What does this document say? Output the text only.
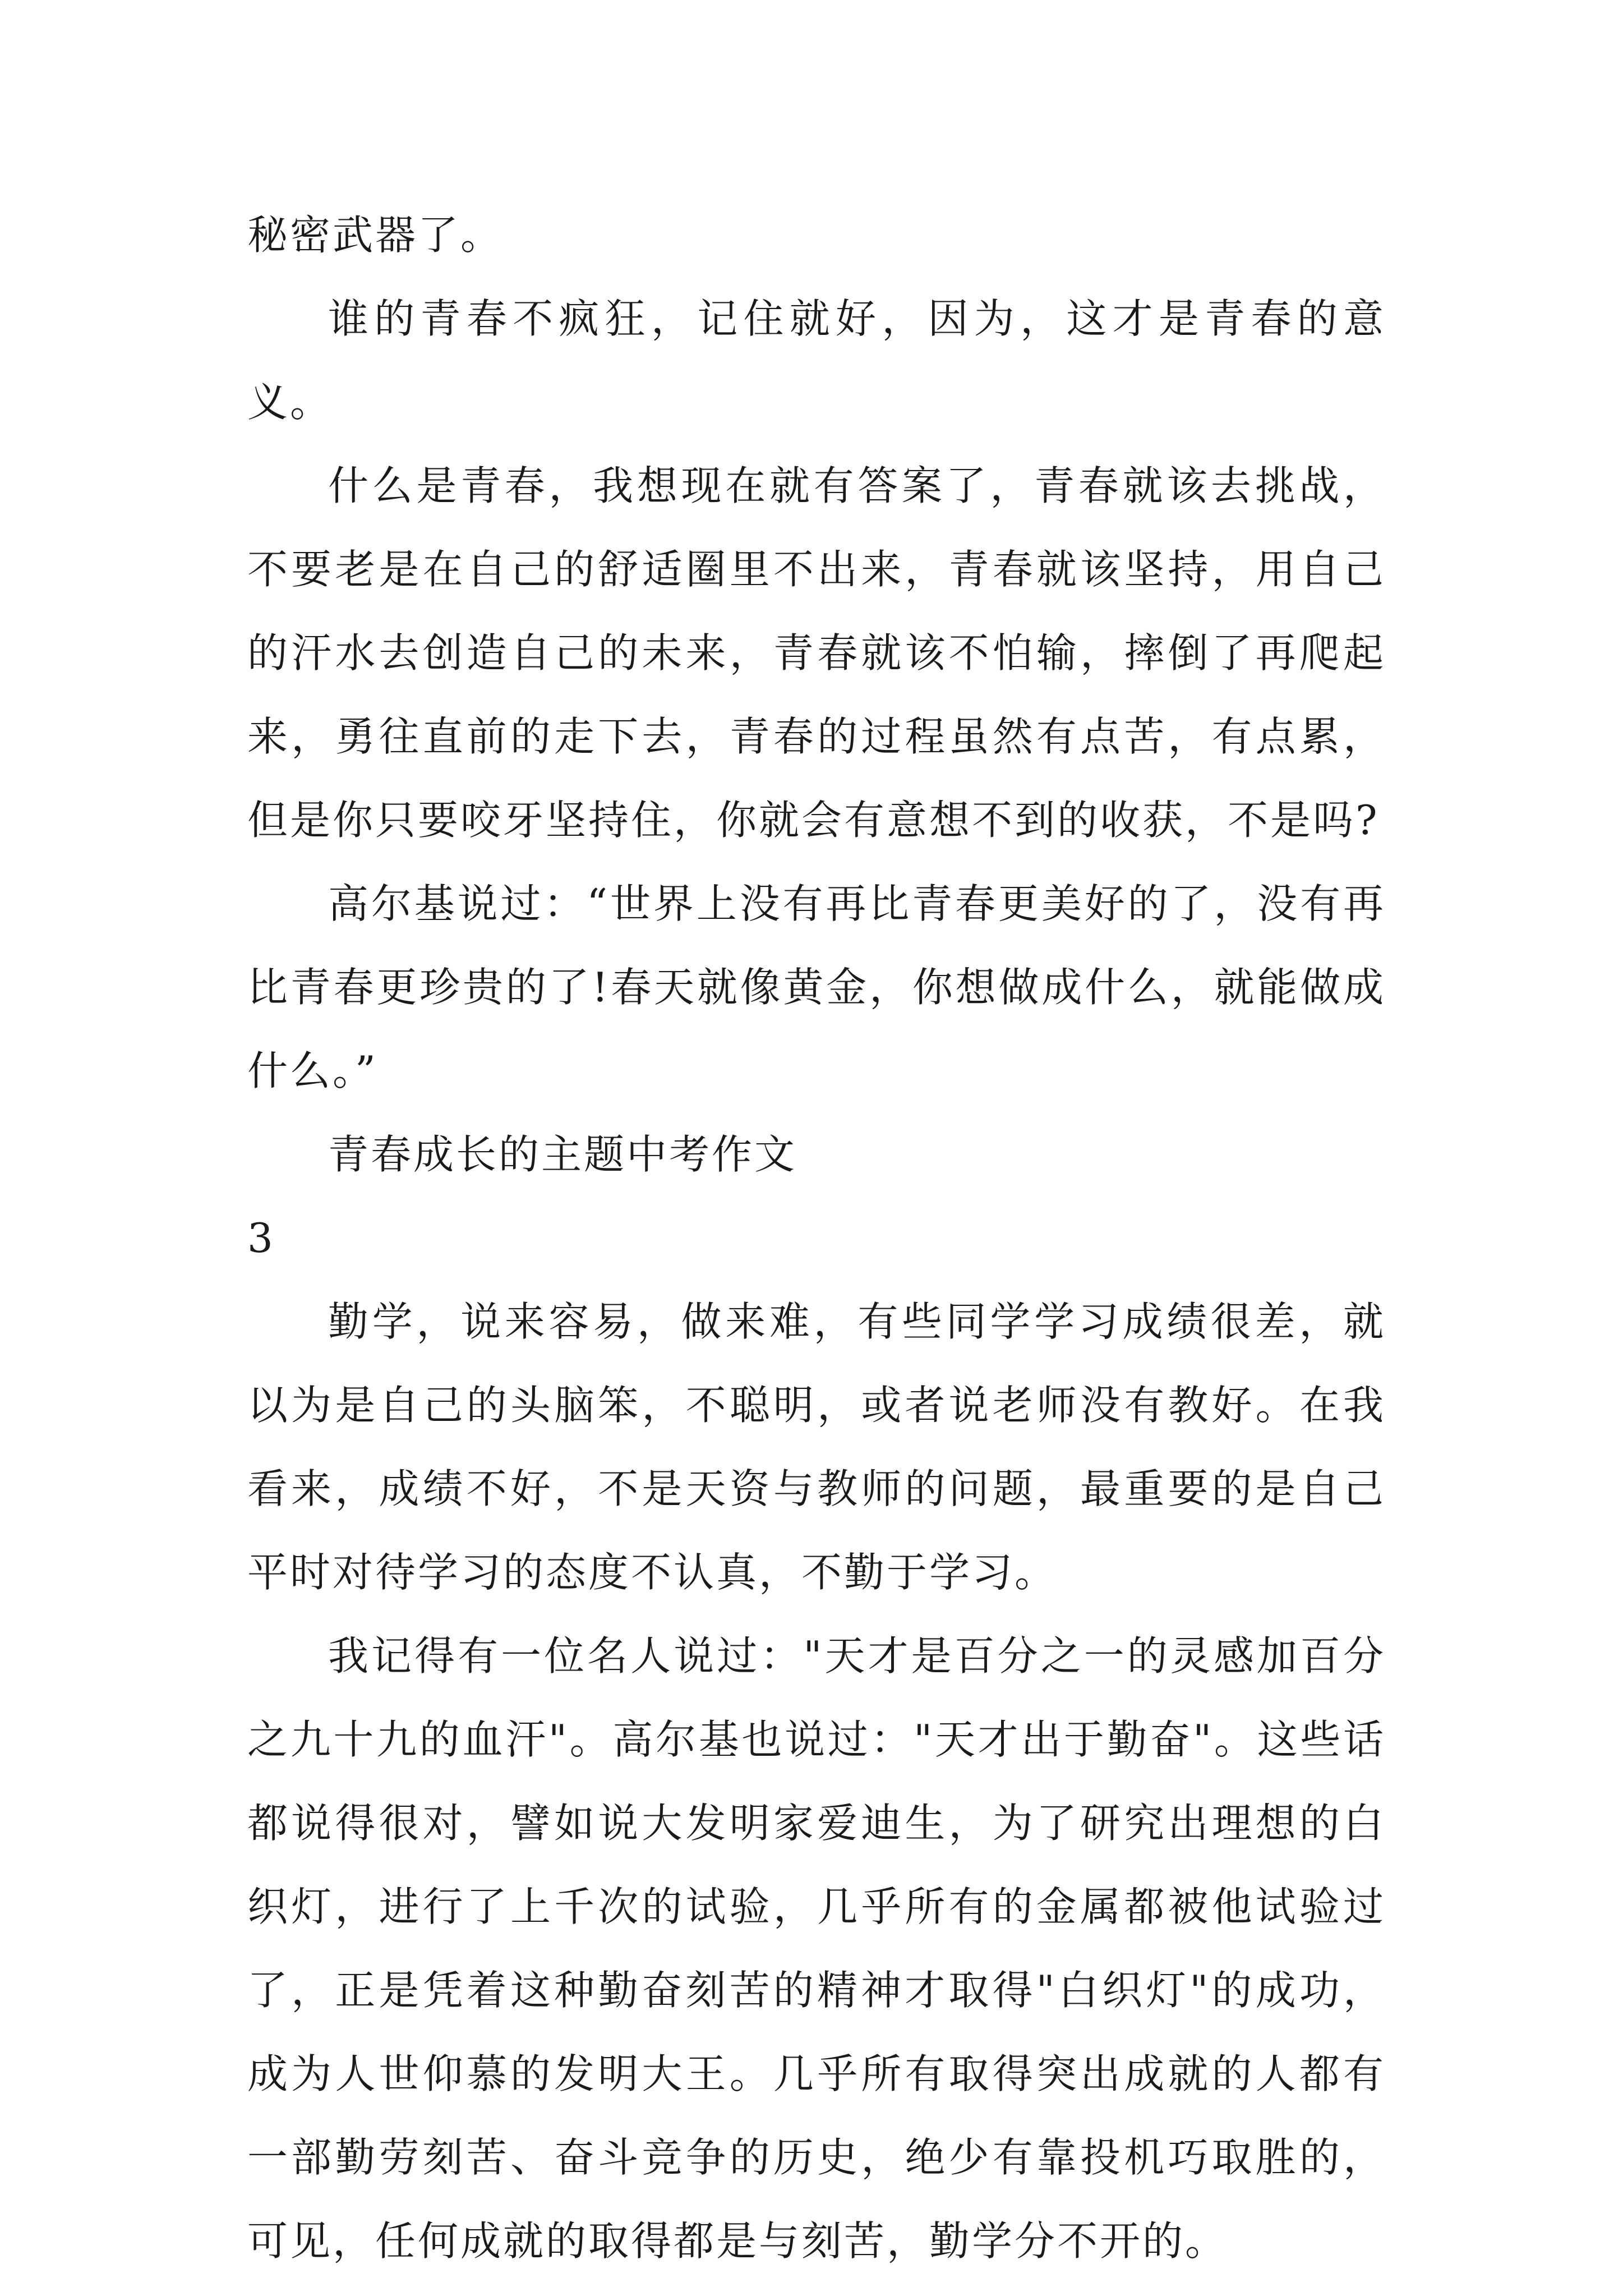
秘密武器了。

谁的青春不疯狂，记住就好，因为，这才是青春的意义。

什么是青春，我想现在就有答案了，青春就该去挑战，不要老是在自己的舒适圈里不出来，青春就该坚持，用自己的汗水去创造自己的未来，青春就该不怕输，摔倒了再爬起来，勇往直前的走下去，青春的过程虽然有点苦，有点累，但是你只要咬牙坚持住，你就会有意想不到的收获，不是吗?

高尔基说过：“世界上没有再比青春更美好的了，没有再比青春更珍贵的了!春天就像黄金，你想做成什么，就能做成什么。”

青春成长的主题中考作文

3

勤学，说来容易，做来难，有些同学学习成绩很差，就以为是自己的头脑笨，不聪明，或者说老师没有教好。在我看来，成绩不好，不是天资与教师的问题，最重要的是自己平时对待学习的态度不认真，不勤于学习。

我记得有一位名人说过："天才是百分之一的灵感加百分之九十九的血汗"。高尔基也说过："天才出于勤奋"。这些话都说得很对，譬如说大发明家爱迪生，为了研究出理想的白织灯，进行了上千次的试验，几乎所有的金属都被他试验过了，正是凭着这种勤奋刻苦的精神才取得"白织灯"的成功，成为人世仰慕的发明大王。几乎所有取得突出成就的人都有一部勤劳刻苦、奋斗竞争的历史，绝少有靠投机巧取胜的，可见，任何成就的取得都是与刻苦，勤学分不开的。
